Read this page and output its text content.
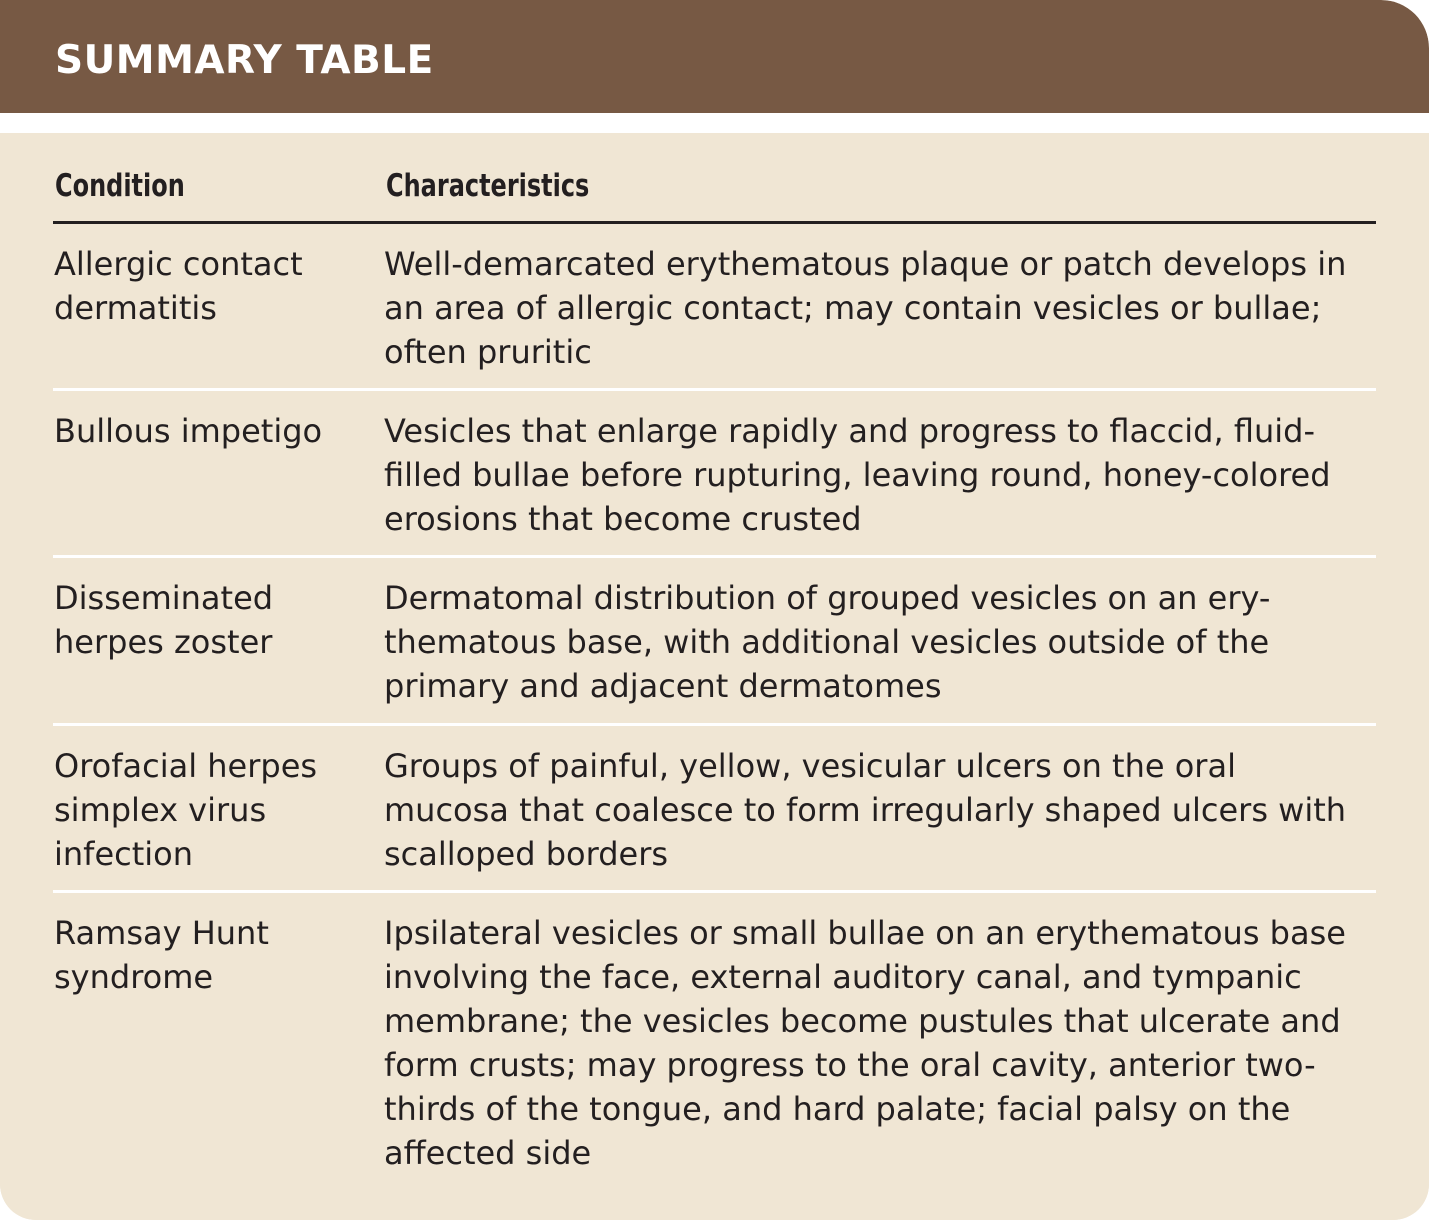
SUMMARY TABLE
Condition	Characteristics
Allergic contact
dermatitis
Well-demarcated erythematous plaque or patch develops in
an area of allergic contact; may contain vesicles or bullae;
often pruritic
Bullous impetigo	Vesicles that enlarge rapidly and progress to flaccid, fluid-
filled bullae before rupturing, leaving round, honey-colored
erosions that become crusted
Disseminated
herpes zoster
Dermatomal distribution of grouped vesicles on an ery-
thematous base, with additional vesicles outside of the
primary and adjacent dermatomes
Orofacial herpes
simplex virus
infection
Groups of painful, yellow, vesicular ulcers on the oral
mucosa that coalesce to form irregularly shaped ulcers with
scalloped borders
Ramsay Hunt
syndrome
Ipsilateral vesicles or small bullae on an erythematous base
involving the face, external auditory canal, and tympanic
membrane; the vesicles become pustules that ulcerate and
form crusts; may progress to the oral cavity, anterior two-
thirds of the tongue, and hard palate; facial palsy on the
affected side
